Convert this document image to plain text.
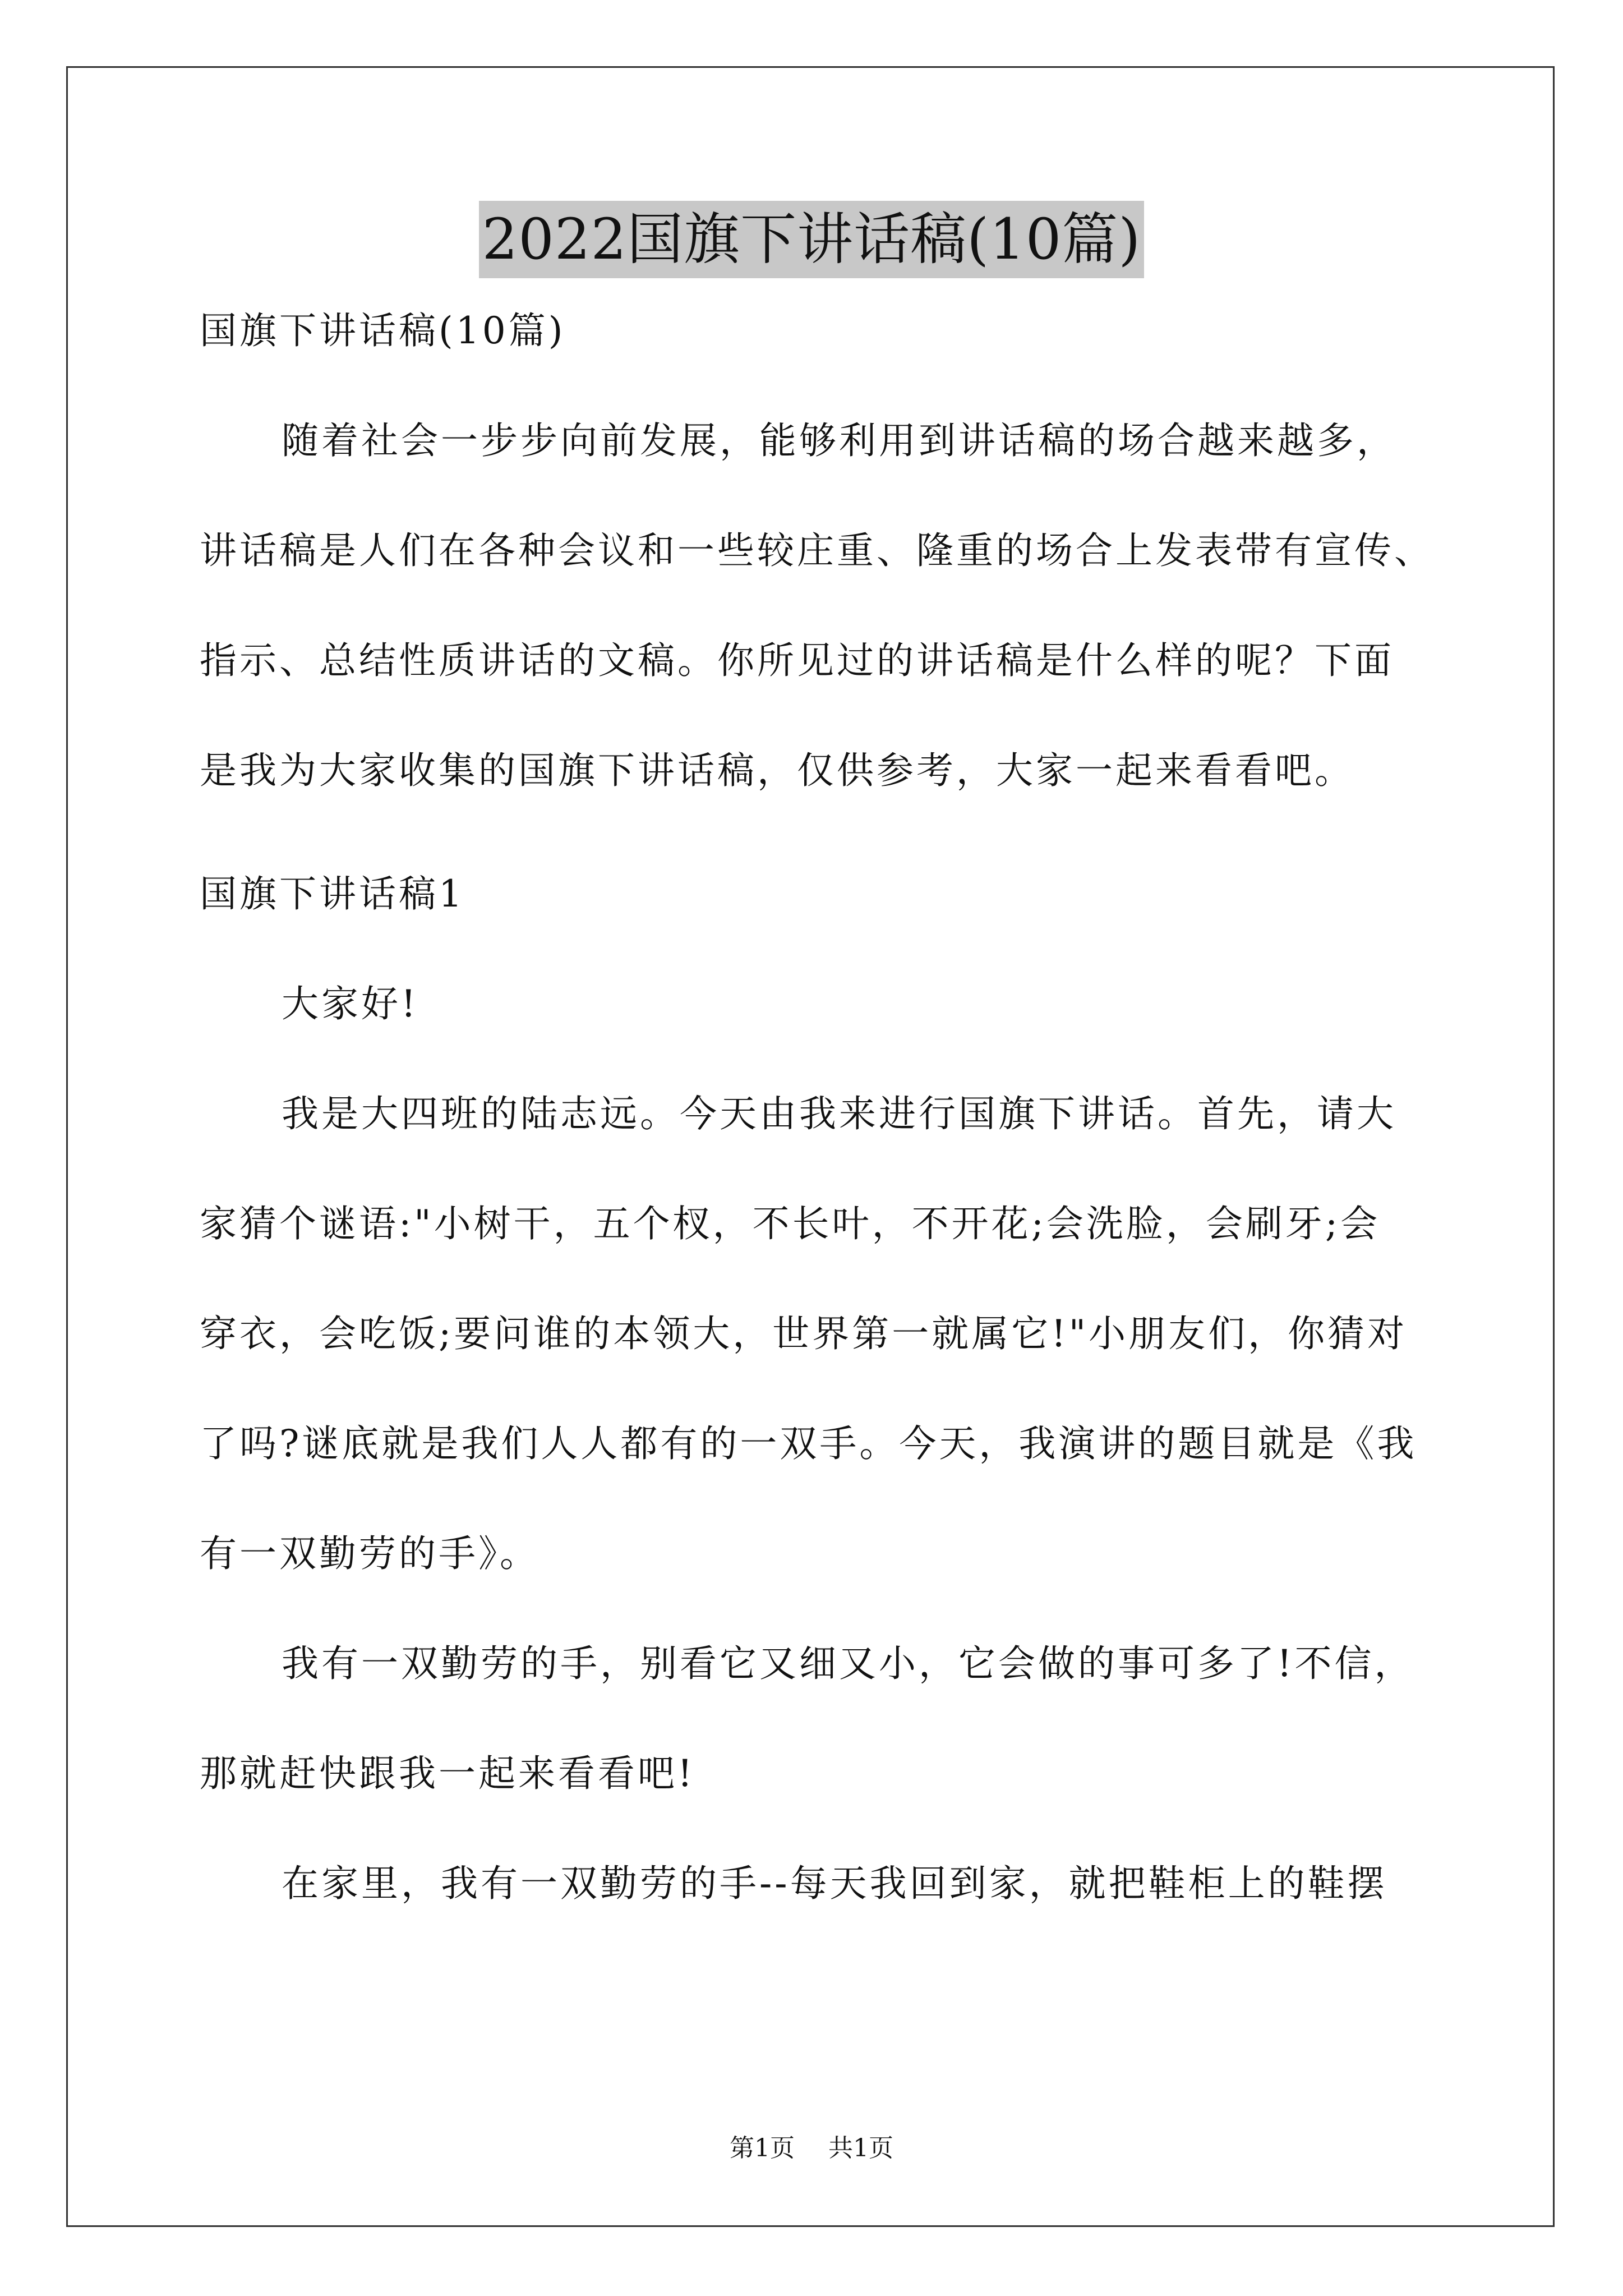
2022国旗下讲话稿(10篇)
国旗下讲话稿(10篇)
随着社会一步步向前发展，能够利用到讲话稿的场合越来越多，
讲话稿是人们在各种会议和一些较庄重、隆重的场合上发表带有宣传、
指示、总结性质讲话的文稿。你所见过的讲话稿是什么样的呢？下面
是我为大家收集的国旗下讲话稿，仅供参考，大家一起来看看吧。
国旗下讲话稿1
大家好!
我是大四班的陆志远。今天由我来进行国旗下讲话。首先，请大
家猜个谜语:"小树干，五个杈，不长叶，不开花;会洗脸，会刷牙;会
穿衣，会吃饭;要问谁的本领大，世界第一就属它!"小朋友们，你猜对
了吗?谜底就是我们人人都有的一双手。今天，我演讲的题目就是《我
有一双勤劳的手》。
我有一双勤劳的手，别看它又细又小，它会做的事可多了!不信，
那就赶快跟我一起来看看吧!
在家里，我有一双勤劳的手--每天我回到家，就把鞋柜上的鞋摆
第1页 共1页
